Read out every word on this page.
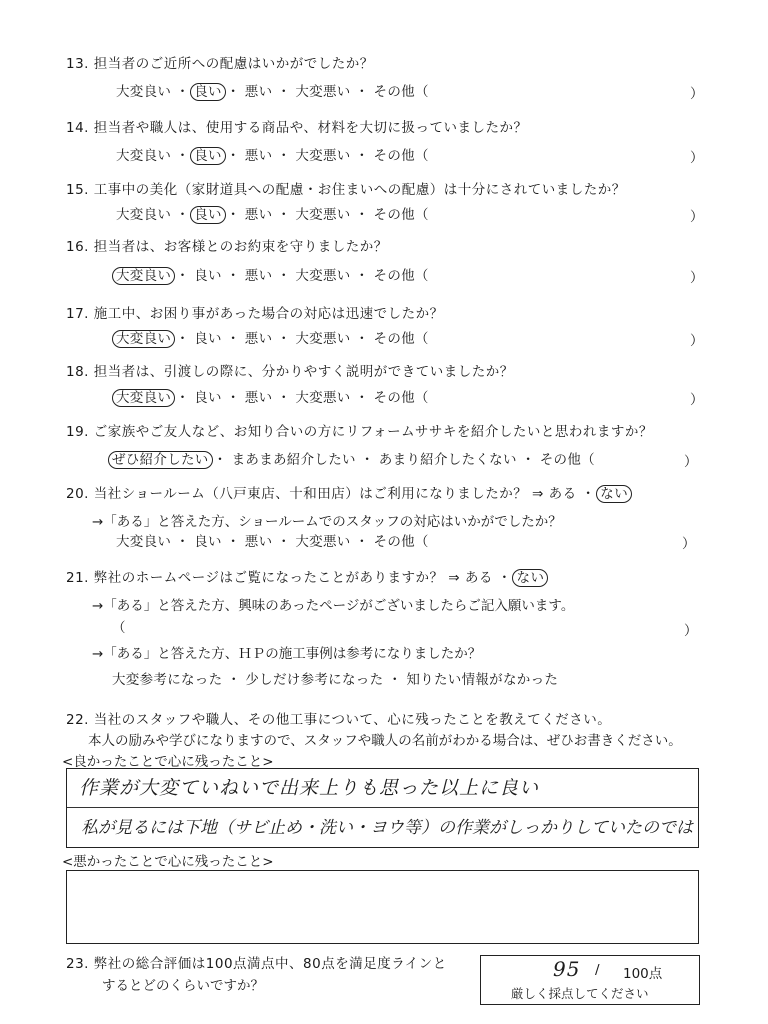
13. 担当者のご近所への配慮はいかがでしたか？
大変良い ・ 良い ・ 悪い ・ 大変悪い ・ その他（	）
14. 担当者や職人は、使用する商品や、材料を大切に扱っていましたか？
大変良い ・ 良い ・ 悪い ・ 大変悪い ・ その他（	）
15. 工事中の美化（家財道具への配慮・お住まいへの配慮）は十分にされていましたか？
大変良い ・ 良い ・ 悪い ・ 大変悪い ・ その他（	）
16. 担当者は、お客様とのお約束を守りましたか？
大変良い ・ 良い ・ 悪い ・ 大変悪い ・ その他（	）
17. 施工中、お困り事があった場合の対応は迅速でしたか？
大変良い ・ 良い ・ 悪い ・ 大変悪い ・ その他（	）
18. 担当者は、引渡しの際に、分かりやすく説明ができていましたか？
大変良い ・ 良い ・ 悪い ・ 大変悪い ・ その他（	）
19. ご家族やご友人など、お知り合いの方にリフォームササキを紹介したいと思われますか？
ぜひ紹介したい ・ まあまあ紹介したい ・ あまり紹介したくない ・ その他（	）
20. 当社ショールーム（八戸東店、十和田店）はご利用になりましたか？ ⇒ ある ・ ない
→「ある」と答えた方、ショールームでのスタッフの対応はいかがでしたか？
大変良い ・ 良い ・ 悪い ・ 大変悪い ・ その他（	）
21. 弊社のホームページはご覧になったことがありますか？ ⇒ ある ・ ない
→「ある」と答えた方、興味のあったページがございましたらご記入願います。
（	）
→「ある」と答えた方、ＨＰの施工事例は参考になりましたか？
大変参考になった ・ 少しだけ参考になった ・ 知りたい情報がなかった
22. 当社のスタッフや職人、その他工事について、心に残ったことを教えてください。
本人の励みや学びになりますので、スタッフや職人の名前がわかる場合は、ぜひお書きください。
<良かったことで心に残ったこと>
作業が大変ていねいで出来上りも思った以上に良い
私が見るには下地（サビ止め・洗い・ヨウ等）の作業がしっかりしていたのでは
<悪かったことで心に残ったこと>
23. 弊社の総合評価は100点満点中、80点を満足度ラインと
するとどのくらいですか？
95 / 100点
厳しく採点してください
